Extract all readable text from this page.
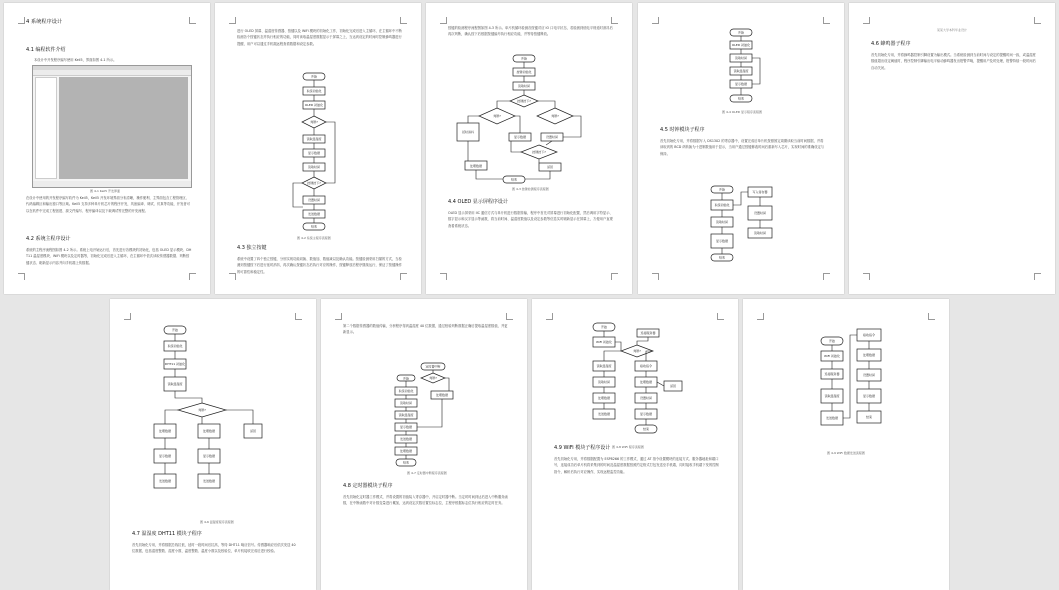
4 系统程序设计
4.1 编程软件介绍
本设计中开发程序编写使用 Keil5，界面如图 4-1 所示。
图 4-1 Keil5 开发界面
在设计中使用的开发程序编写软件为 Keil5，Keil5 开发环境界面分布清晰，操作便利，主界面包含工程管理区、代码编辑区和输出窗口等区域。Keil5 支持多种单片机芯片的程序开发，具备编译、调试、仿真等功能，开发者可以在软件中完成工程创建、源文件编写、程序编译以及下载调试等完整的开发流程。
4.2 系统主程序设计
系统的主程序流程图如图 4-2 所示。系统上电开始运行后，首先进行各模块的初始化，包括 OLED 显示模块、DHT11 温湿度模块、WiFi 模块以及定时器等，初始化完成后进入主循环，在主循环中依次读取传感器数据、判断按键状态、刷新显示内容并向手机端上传数据。
进行 OLED 屏幕、温湿度传感器、按键以及 WiFi 模块的初始化工作，初始化完成后进入主循环，在主循环中不断检测各个按键状态并执行相应的功能，同时读取温湿度数据显示于屏幕之上，当达到设定的时间时控制蜂鸣器进行提醒，用户可以通过手机端远程查看数据和设定参数。
开始
系统初始化
OLED 初始化
判断?
读取温湿度
显示数据
读取时间
按键按下?
设置时间
发送数据
结束
图 4-2 系统主程序流程图
4.3 独立按键
系统中设置了四个独立按键，分别实现功能切换、数值加、数值减以及确认功能。按键检测采用扫描的方式，当检测到按键按下后进行延时消抖，再次确认按键状态后执行对应的操作，按键释放后程序继续运行，保证了按键操作的可靠性和稳定性。
按键的检测程序流程图如图 4-3 所示。单片机循环检测各按键对应 IO 口电平状态，若检测到低电平则延时消抖后再次判断，确认按下后根据按键编号执行相应功能，并等待按键释放。
开始
按键初始化
读取时间
按键按下?
判断?	判断?
延时消抖
显示数据	设置时间
按键按下?
处理数据	返回
结束
图 4-3 按键检测程序流程图
4.4 OLED 显示屏程序设计
OLED 显示屏采用 IIC 通信方式与单片机进行数据传输，程序中首先对屏幕进行初始化配置，然后调用字符显示、数字显示和汉字显示等函数，将当前时间、温湿度数值以及设定参数等信息实时刷新显示在屏幕上，方便用户直观查看系统状态。
开始
OLED 初始化
读取时间
读取温湿度
显示数据
结束
图 4-4 OLED 显示程序流程图
4.5 时钟模块子程序
首先初始化专用，并将数据写入 DS1302 的寄存器中，设置完成后单片机按照固定周期读取当前时间数据，并将读取到的 BCD 码转换为十进制数值用于显示，当用户通过按键修改时间后重新写入芯片，实现时间的准确设定与保持。
开始
系统初始化
读取时间
显示数据
结束
写入寄存器
设置时间
读取时间
某某大学本科毕业设计
4.6 蜂鸣器子程序
首先初始化专用，并将蜂鸣器控制引脚设置为输出模式。当系统检测到当前时间与设定的提醒时间一致，或温湿度数值超出设定阈值时，程序控制引脚输出电平驱动蜂鸣器发出报警声响，提醒用户及时处理，报警持续一段时间后自动关闭。
开始
系统初始化
DHT11 初始化
读取温湿度
判断?
处理数据	处理数据	返回
显示数据	显示数据
发送数据	发送数据
图 4-6 温湿度程序流程图
4.7 温湿度 DHT11 模块子程序
首先初始化专用，并将数据总线拉低，延时一段时间后拉高，等待 DHT11 响应信号。传感器响应后依次发送 40 位数据，包括湿度整数、湿度小数、温度整数、温度小数以及校验位，单片机接收完成后进行校验。
第二个数据传感器的数值传输，分析程序得到温湿度 40 位数据，通过校验判断数据正确后提取温湿度数值，并更新显示。
定时器中断
开始	判断?
系统初始化
读取时间
读取温湿度
显示数据
发送数据
处理数据
结束
处理数据
图 4-7 定时器中断程序流程图
4.8 定时器模块子程序
首先初始化定时器工作模式，并将设置的初值装入寄存器中，开启定时器中断。当定时时间到达后进入中断服务函数，在中断函数中对计数变量进行累加，达到设定次数后置位标志位，主程序根据标志位执行相应的定时任务。
开始
WiFi 初始化
连接服务器
判断?
读取温湿度	接收指令
读取时间	处理数据
处理数据	设置时间
发送数据	显示数据
返回
结束
图 4-8 WiFi 程序流程图
4.9 WiFi 模块子程序设计
首先初始化专用，并将数据配置为 ESP8266 的工作模式，通过 AT 指令设置模块的连接方式、服务器地址和端口号，连接成功后单片机将采集到的时间及温湿度数据按照约定格式打包发送至手机端，同时接收手机端下发的控制指令，解析后执行对应操作，实现远程监控功能。
开始
WiFi 初始化
连接服务器
读取温湿度
发送数据
接收指令
处理数据
设置时间
显示数据
结束
图 4-9 WiFi 数据发送流程图
